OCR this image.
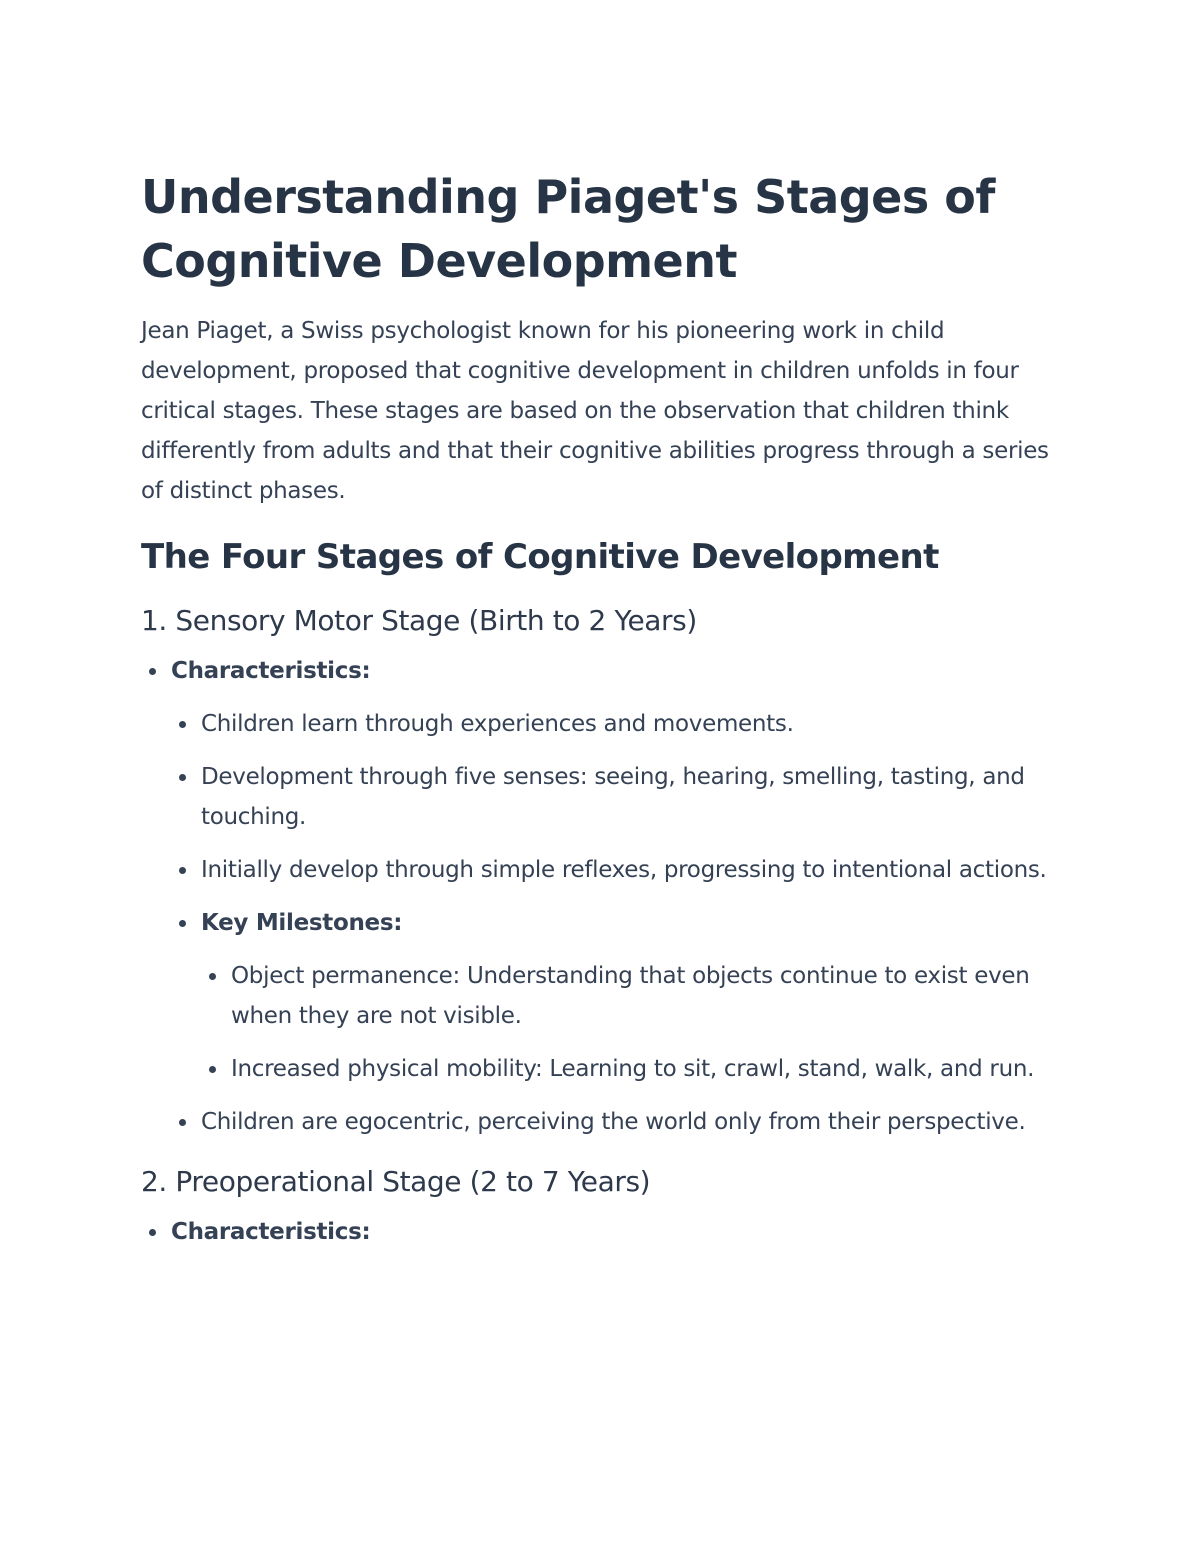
Understanding Piaget's Stages of Cognitive Development

Jean Piaget, a Swiss psychologist known for his pioneering work in child development, proposed that cognitive development in children unfolds in four critical stages. These stages are based on the observation that children think differently from adults and that their cognitive abilities progress through a series of distinct phases.

The Four Stages of Cognitive Development
1. Sensory Motor Stage (Birth to 2 Years)
Characteristics:
Children learn through experiences and movements.
Development through five senses: seeing, hearing, smelling, tasting, and touching.
Initially develop through simple reflexes, progressing to intentional actions.
Key Milestones:
Object permanence: Understanding that objects continue to exist even when they are not visible.
Increased physical mobility: Learning to sit, crawl, stand, walk, and run.
Children are egocentric, perceiving the world only from their perspective.
2. Preoperational Stage (2 to 7 Years)
Characteristics:
